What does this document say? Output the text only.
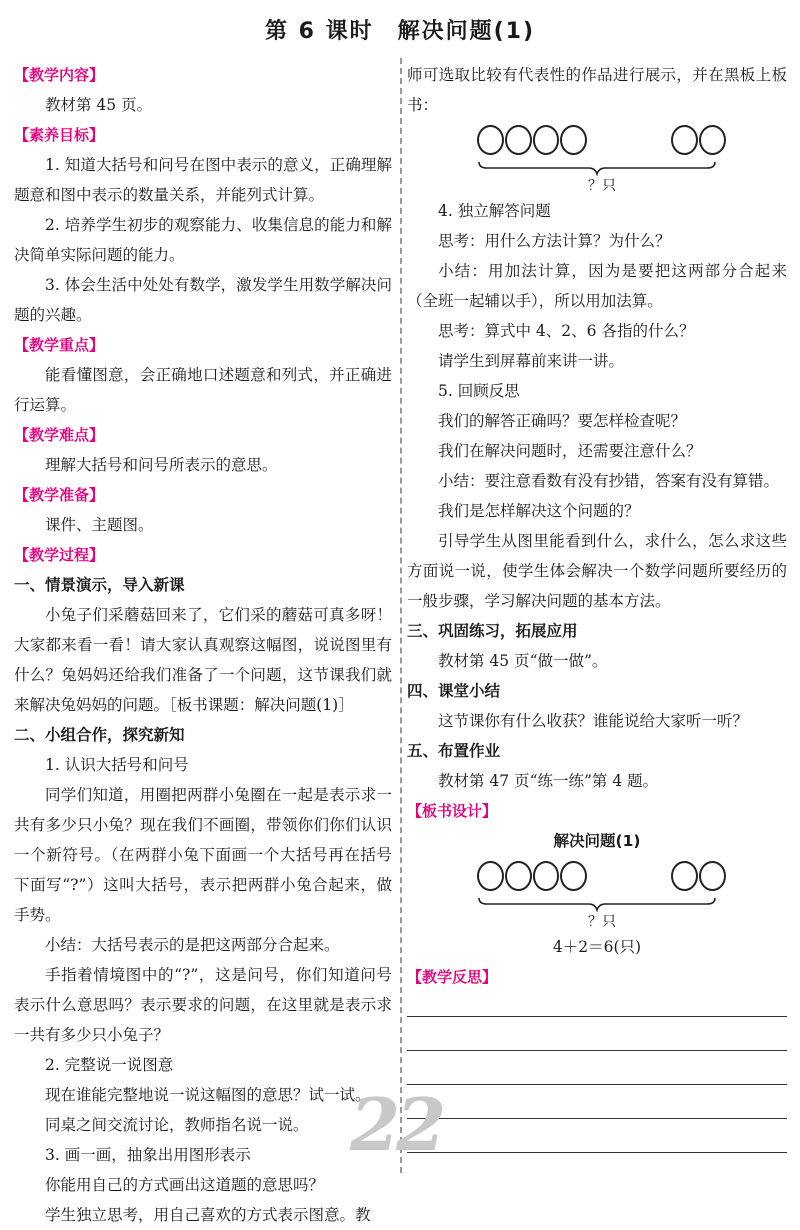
第 6 课时　解决问题(1)
【教学内容】

教材第 45 页。

【素养目标】

1. 知道大括号和问号在图中表示的意义，正确理解题意和图中表示的数量关系，并能列式计算。

2. 培养学生初步的观察能力、收集信息的能力和解决简单实际问题的能力。

3. 体会生活中处处有数学，激发学生用数学解决问题的兴趣。

【教学重点】

能看懂图意，会正确地口述题意和列式，并正确进行运算。

【教学难点】

理解大括号和问号所表示的意思。

【教学准备】

课件、主题图。

【教学过程】
一、情景演示，导入新课

小兔子们采蘑菇回来了，它们采的蘑菇可真多呀！大家都来看一看！请大家认真观察这幅图，说说图里有什么？兔妈妈还给我们准备了一个问题，这节课我们就来解决兔妈妈的问题。［板书课题：解决问题(1)］

二、小组合作，探究新知

1. 认识大括号和问号

同学们知道，用圈把两群小兔圈在一起是表示求一共有多少只小兔？现在我们不画圈，带领你们你们认识一个新符号。（在两群小兔下面画一个大括号再在括号下面写“?”）这叫大括号，表示把两群小兔合起来，做手势。

小结：大括号表示的是把这两部分合起来。

手指着情境图中的“?”，这是问号，你们知道问号表示什么意思吗？表示要求的问题，在这里就是表示求一共有多少只小兔子？

2. 完整说一说图意

现在谁能完整地说一说这幅图的意思？试一试。

同桌之间交流讨论，教师指名说一说。

3. 画一画，抽象出用图形表示

你能用自己的方式画出这道题的意思吗？

学生独立思考，用自己喜欢的方式表示图意。教

师可选取比较有代表性的作品进行展示，并在黑板上板书：

？只

4. 独立解答问题

思考：用什么方法计算？为什么？

小结：用加法计算，因为是要把这两部分合起来（全班一起辅以手），所以用加法算。

思考：算式中 4、2、6 各指的什么？

请学生到屏幕前来讲一讲。

5. 回顾反思

我们的解答正确吗？要怎样检查呢？

我们在解决问题时，还需要注意什么？

小结：要注意看数有没有抄错，答案有没有算错。

我们是怎样解决这个问题的？

引导学生从图里能看到什么，求什么，怎么求这些方面说一说，使学生体会解决一个数学问题所要经历的一般步骤，学习解决问题的基本方法。

三、巩固练习，拓展应用

教材第 45 页“做一做”。

四、课堂小结

这节课你有什么收获？谁能说给大家听一听？

五、布置作业

教材第 47 页“练一练”第 4 题。

【板书设计】
解决问题(1)
？只
4＋2＝6(只)
【教学反思】
22
